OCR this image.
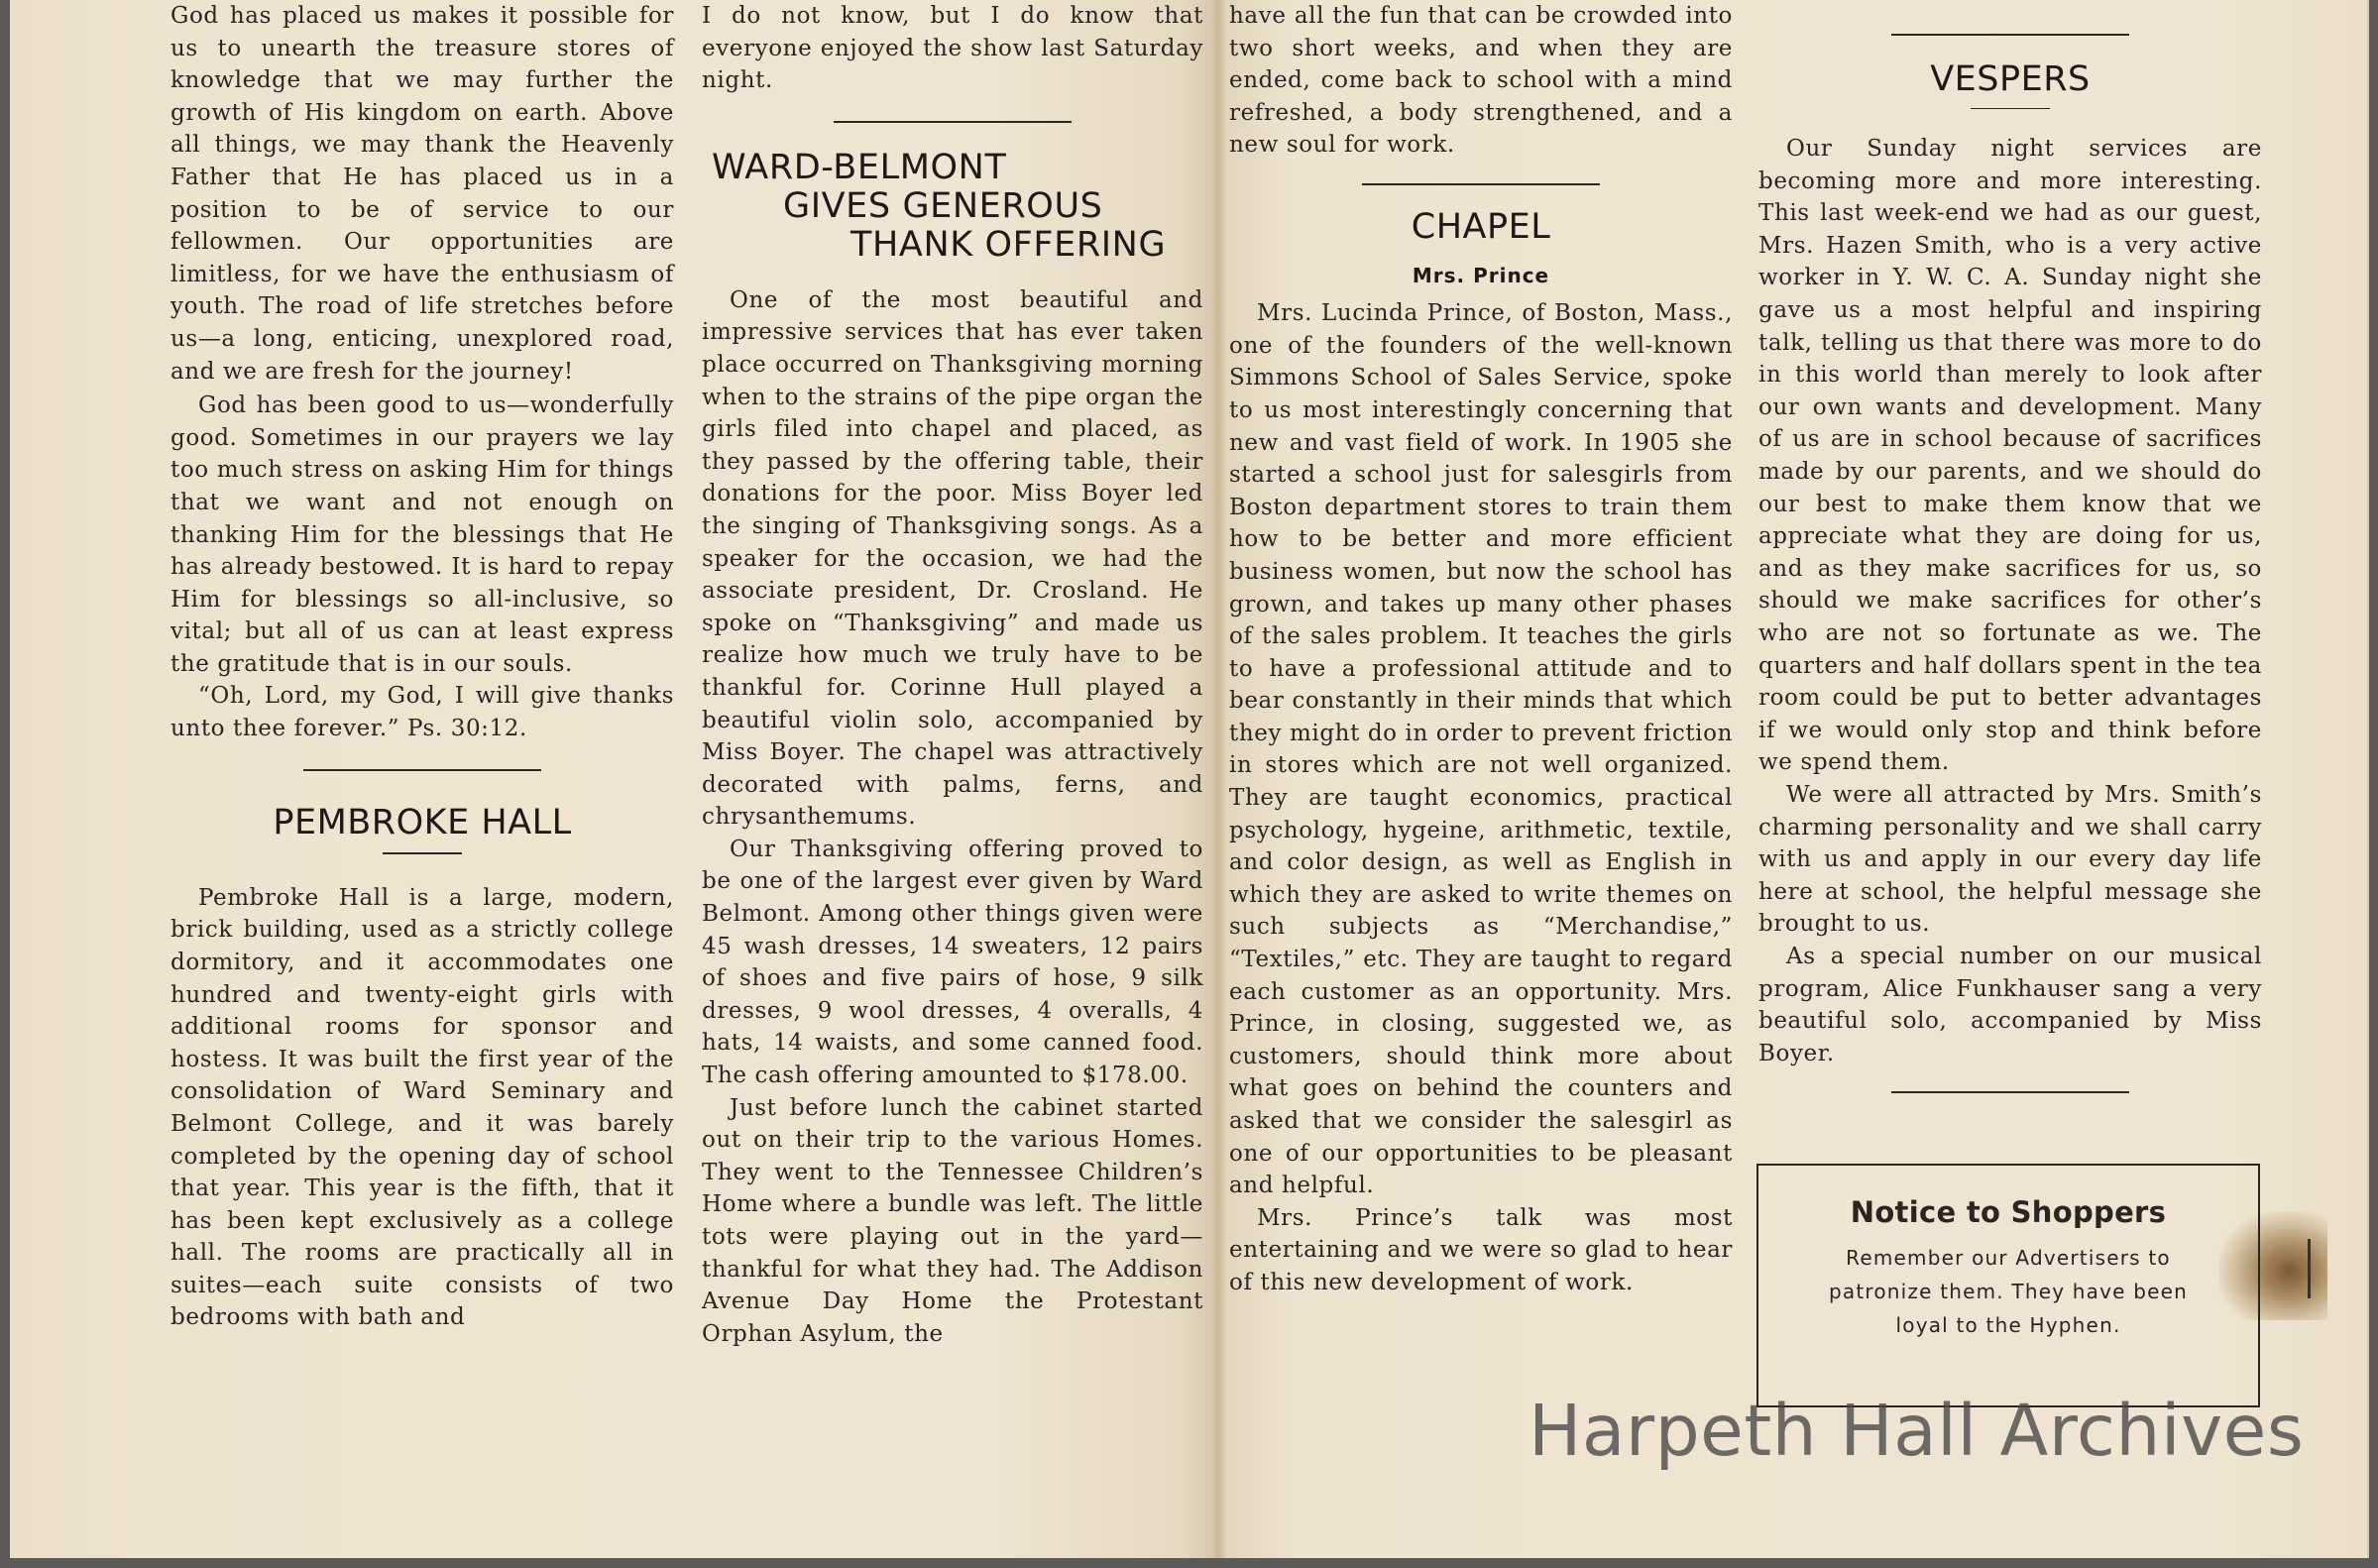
God has placed us makes it possible for us to unearth the treasure stores of knowledge that we may further the growth of His kingdom on earth. Above all things, we may thank the Heavenly Father that He has placed us in a position to be of service to our fellowmen. Our opportunities are limitless, for we have the enthusiasm of youth. The road of life stretches before us—a long, enticing, unexplored road, and we are fresh for the journey!

God has been good to us—wonderfully good. Sometimes in our prayers we lay too much stress on asking Him for things that we want and not enough on thanking Him for the blessings that He has already bestowed. It is hard to repay Him for blessings so all-inclusive, so vital; but all of us can at least express the gratitude that is in our souls.

“Oh, Lord, my God, I will give thanks unto thee forever.” Ps. 30:12.

PEMBROKE HALL

Pembroke Hall is a large, modern, brick building, used as a strictly college dormitory, and it accommodates one hundred and twenty-eight girls with additional rooms for sponsor and hostess. It was built the first year of the consolidation of Ward Seminary and Belmont College, and it was barely completed by the opening day of school that year. This year is the fifth, that it has been kept exclusively as a college hall. The rooms are practically all in suites—each suite consists of two bedrooms with bath and

I do not know, but I do know that everyone enjoyed the show last Saturday night.

WARD-BELMONT
GIVES GENEROUS
THANK OFFERING

One of the most beautiful and impressive services that has ever taken place occurred on Thanksgiving morning when to the strains of the pipe organ the girls filed into chapel and placed, as they passed by the offering table, their donations for the poor. Miss Boyer led the singing of Thanksgiving songs. As a speaker for the occasion, we had the associate president, Dr. Crosland. He spoke on “Thanksgiving” and made us realize how much we truly have to be thankful for. Corinne Hull played a beautiful violin solo, accompanied by Miss Boyer. The chapel was attractively decorated with palms, ferns, and chrysanthemums.

Our Thanksgiving offering proved to be one of the largest ever given by Ward Belmont. Among other things given were 45 wash dresses, 14 sweaters, 12 pairs of shoes and five pairs of hose, 9 silk dresses, 9 wool dresses, 4 overalls, 4 hats, 14 waists, and some canned food. The cash offering amounted to $178.00.

Just before lunch the cabinet started out on their trip to the various Homes. They went to the Tennessee Children’s Home where a bundle was left. The little tots were playing out in the yard—thankful for what they had. The Addison Avenue Day Home the Protestant Orphan Asylum, the

have all the fun that can be crowded into two short weeks, and when they are ended, come back to school with a mind refreshed, a body strengthened, and a new soul for work.

CHAPEL
Mrs. Prince

Mrs. Lucinda Prince, of Boston, Mass., one of the founders of the well-known Simmons School of Sales Service, spoke to us most interestingly concerning that new and vast field of work. In 1905 she started a school just for salesgirls from Boston department stores to train them how to be better and more efficient business women, but now the school has grown, and takes up many other phases of the sales problem. It teaches the girls to have a professional attitude and to bear constantly in their minds that which they might do in order to prevent friction in stores which are not well organized. They are taught economics, practical psychology, hygeine, arithmetic, textile, and color design, as well as English in which they are asked to write themes on such subjects as “Merchandise,” “Textiles,” etc. They are taught to regard each customer as an opportunity. Mrs. Prince, in closing, suggested we, as customers, should think more about what goes on behind the counters and asked that we consider the salesgirl as one of our opportunities to be pleasant and helpful.

Mrs. Prince’s talk was most entertaining and we were so glad to hear of this new development of work.

VESPERS

Our Sunday night services are becoming more and more interesting. This last week-end we had as our guest, Mrs. Hazen Smith, who is a very active worker in Y. W. C. A. Sunday night she gave us a most helpful and inspiring talk, telling us that there was more to do in this world than merely to look after our own wants and development. Many of us are in school because of sacrifices made by our parents, and we should do our best to make them know that we appreciate what they are doing for us, and as they make sacrifices for us, so should we make sacrifices for other’s who are not so fortunate as we. The quarters and half dollars spent in the tea room could be put to better advantages if we would only stop and think before we spend them.

We were all attracted by Mrs. Smith’s charming personality and we shall carry with us and apply in our every day life here at school, the helpful message she brought to us.

As a special number on our musical program, Alice Funkhauser sang a very beautiful solo, accompanied by Miss Boyer.

Notice to Shoppers
Remember our Advertisers to
patronize them. They have been
loyal to the Hyphen.
Harpeth Hall Archives
